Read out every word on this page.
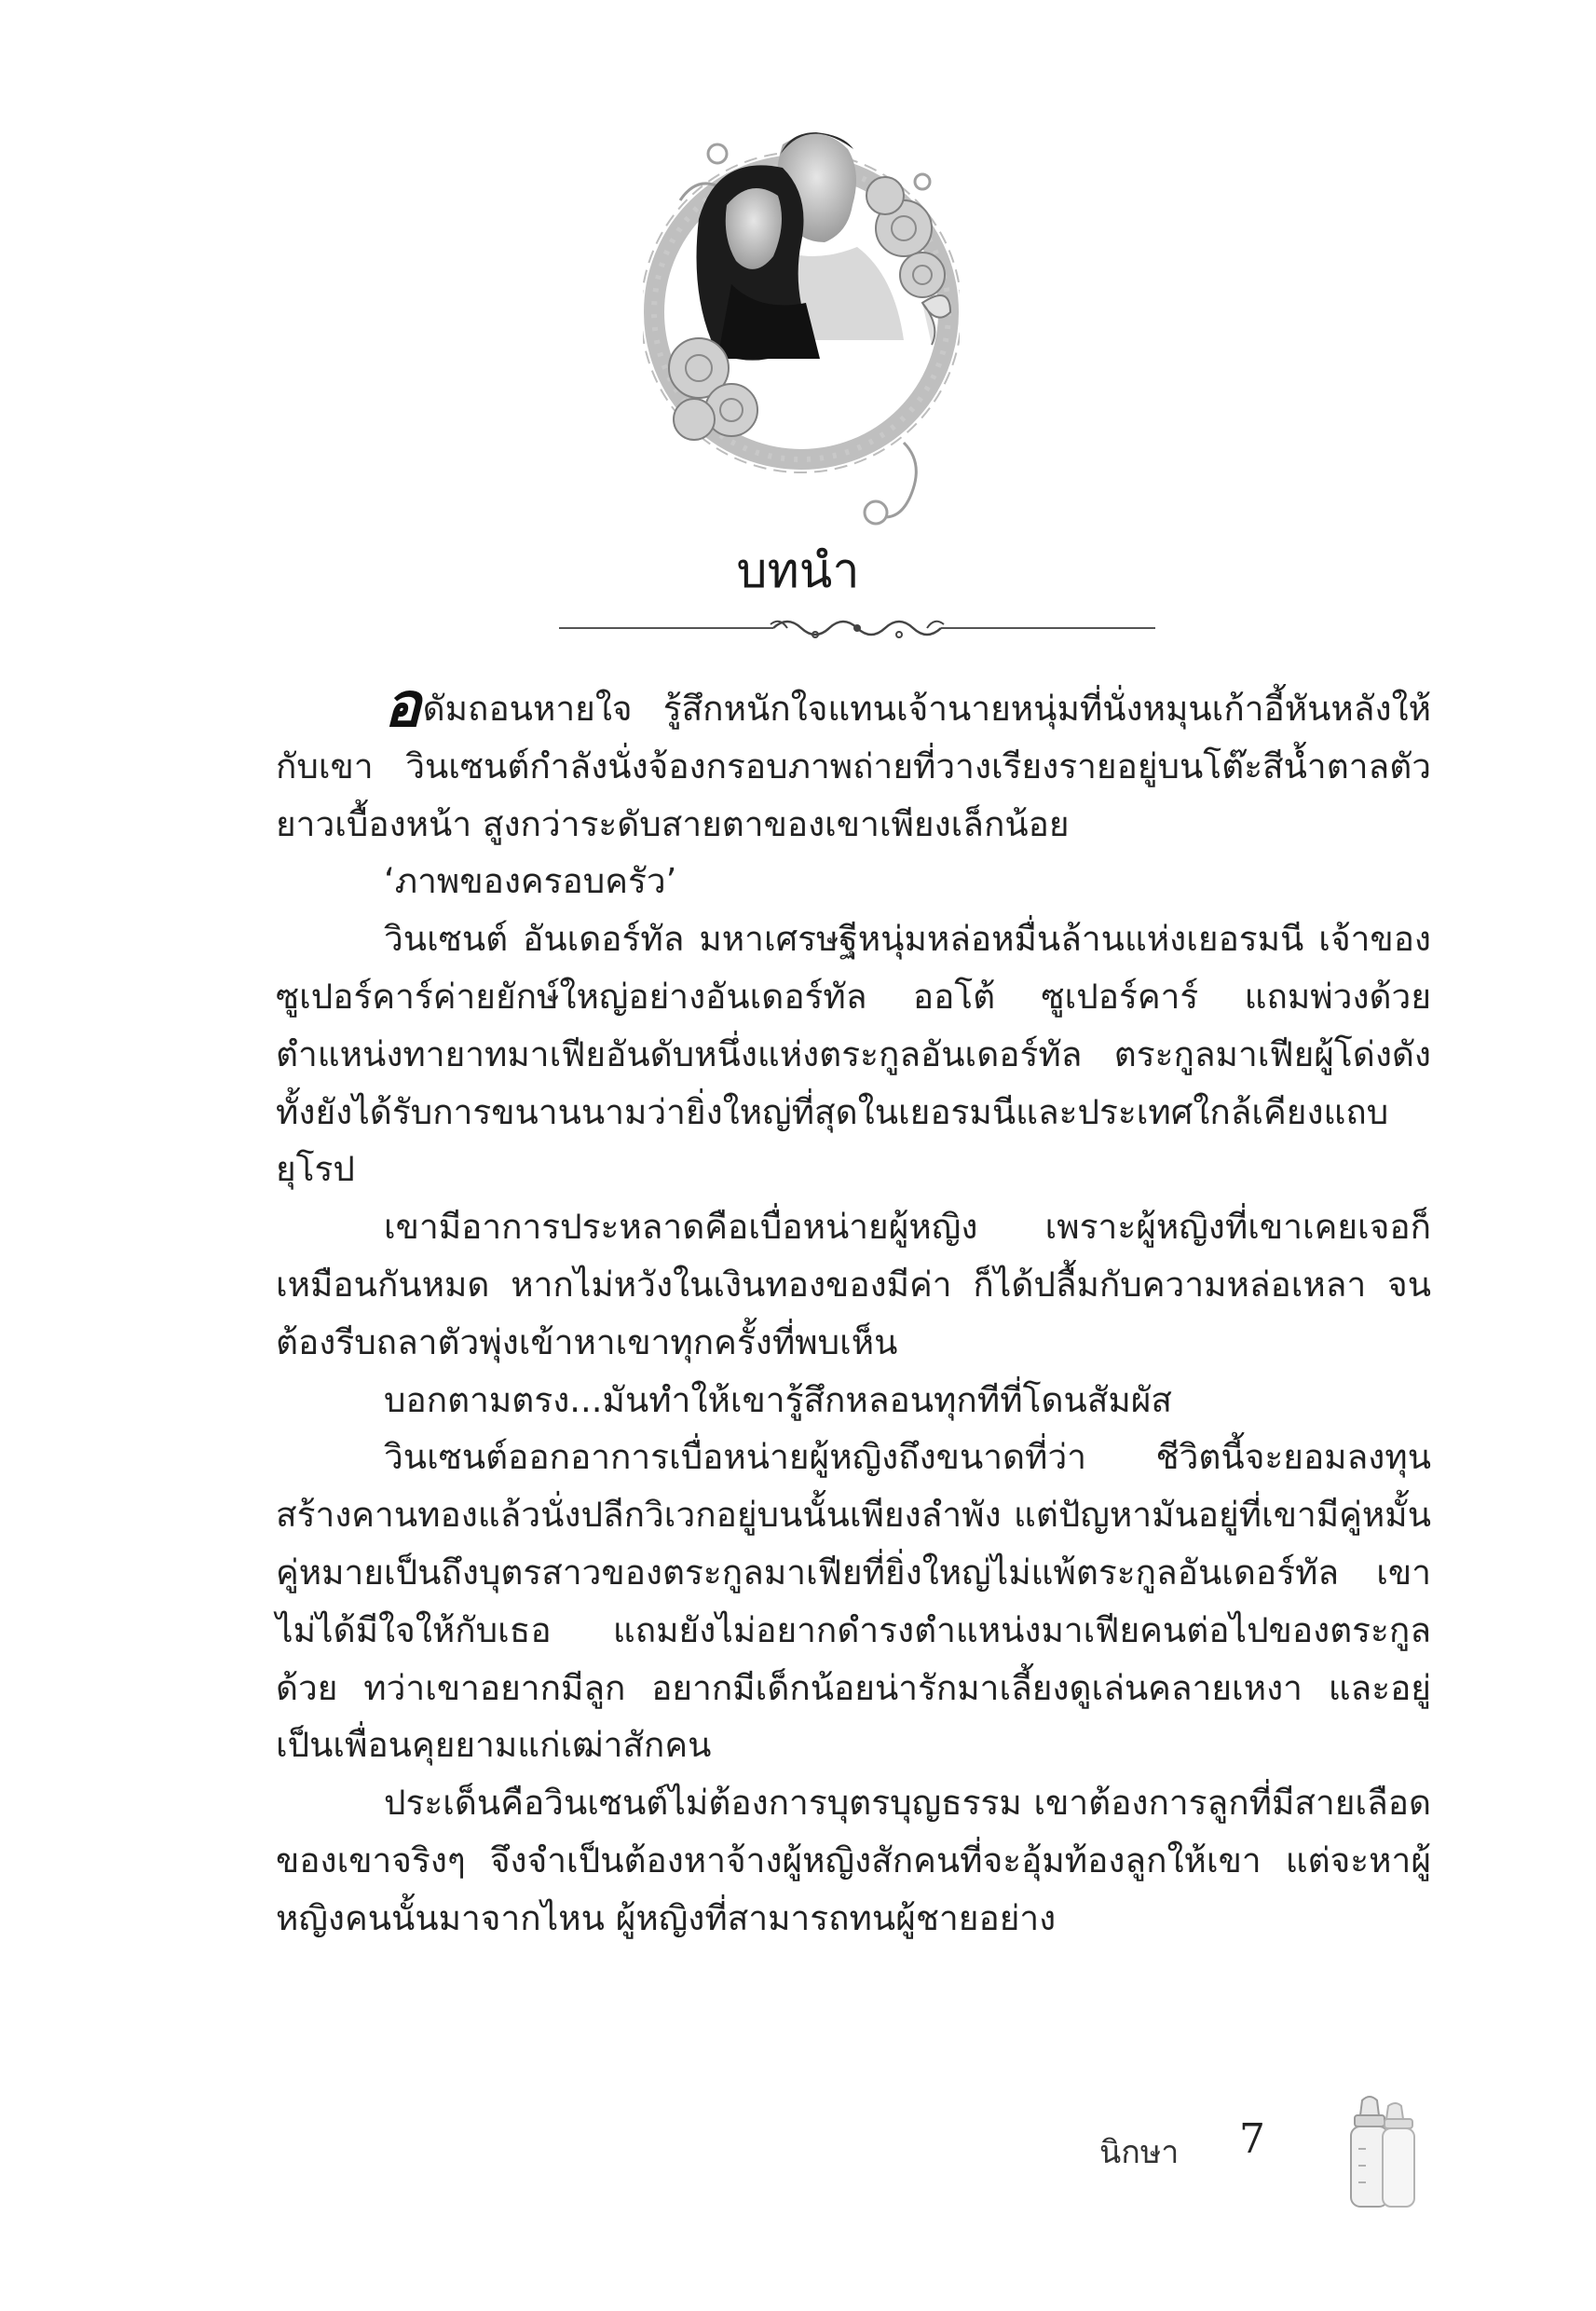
บทนำ

อดัมถอนหายใจ รู้สึกหนักใจแทนเจ้านายหนุ่มที่นั่งหมุนเก้าอี้หันหลังให้กับเขา วินเซนต์กำลังนั่งจ้องกรอบภาพถ่ายที่วางเรียงรายอยู่บนโต๊ะสีน้ำตาลตัวยาวเบื้องหน้า สูงกว่าระดับสายตาของเขาเพียงเล็กน้อย

‘ภาพของครอบครัว’

วินเซนต์ อันเดอร์ทัล มหาเศรษฐีหนุ่มหล่อหมื่นล้านแห่งเยอรมนี เจ้าของซูเปอร์คาร์ค่ายยักษ์ใหญ่อย่างอันเดอร์ทัล ออโต้ ซูเปอร์คาร์ แถมพ่วงด้วยตำแหน่งทายาทมาเฟียอันดับหนึ่งแห่งตระกูลอันเดอร์ทัล ตระกูลมาเฟียผู้โด่งดัง ทั้งยังได้รับการขนานนามว่ายิ่งใหญ่ที่สุดในเยอรมนีและประเทศใกล้เคียงแถบยุโรป

เขามีอาการประหลาดคือเบื่อหน่ายผู้หญิง เพราะผู้หญิงที่เขาเคยเจอก็เหมือนกันหมด หากไม่หวังในเงินทองของมีค่า ก็ได้ปลื้มกับความหล่อเหลา จนต้องรีบถลาตัวพุ่งเข้าหาเขาทุกครั้งที่พบเห็น

บอกตามตรง...มันทำให้เขารู้สึกหลอนทุกทีที่โดนสัมผัส

วินเซนต์ออกอาการเบื่อหน่ายผู้หญิงถึงขนาดที่ว่า ชีวิตนี้จะยอมลงทุนสร้างคานทองแล้วนั่งปลีกวิเวกอยู่บนนั้นเพียงลำพัง แต่ปัญหามันอยู่ที่เขามีคู่หมั้นคู่หมายเป็นถึงบุตรสาวของตระกูลมาเฟียที่ยิ่งใหญ่ไม่แพ้ตระกูลอันเดอร์ทัล เขาไม่ได้มีใจให้กับเธอ แถมยังไม่อยากดำรงตำแหน่งมาเฟียคนต่อไปของตระกูลด้วย ทว่าเขาอยากมีลูก อยากมีเด็กน้อยน่ารักมาเลี้ยงดูเล่นคลายเหงา และอยู่เป็นเพื่อนคุยยามแก่เฒ่าสักคน

ประเด็นคือวินเซนต์ไม่ต้องการบุตรบุญธรรม เขาต้องการลูกที่มีสายเลือดของเขาจริงๆ จึงจำเป็นต้องหาจ้างผู้หญิงสักคนที่จะอุ้มท้องลูกให้เขา แต่จะหาผู้หญิงคนนั้นมาจากไหน ผู้หญิงที่สามารถทนผู้ชายอย่าง

นิกษา 7
